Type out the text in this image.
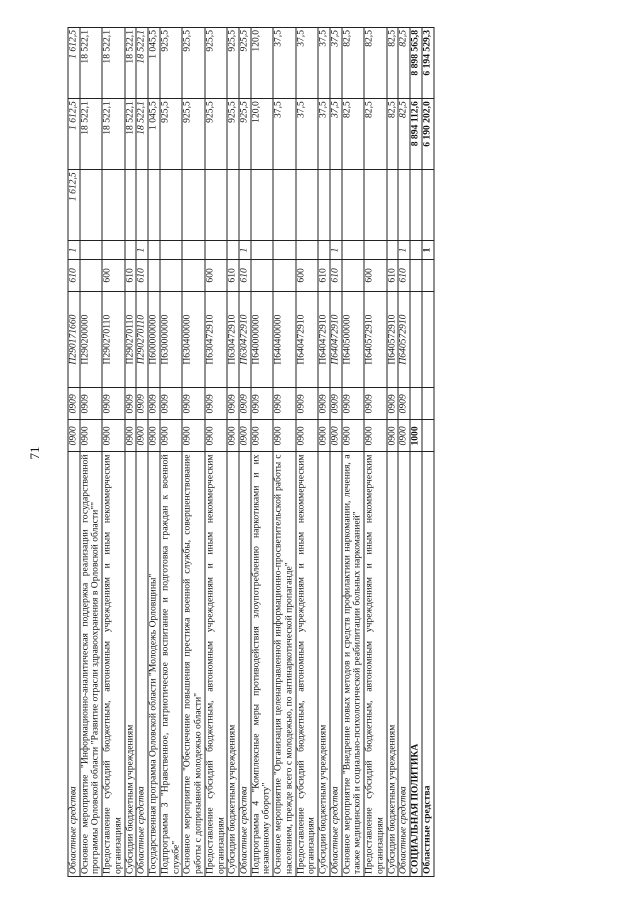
71
Областные средства	0900	0909	П290171660	610	1	1 612,5	1 612,5	1 612,5
Основное мероприятие "Информационно-аналитическая поддержка реализации государственной программы Орловской области "Развитие отрасли здравоохранения в Орловской области""	0900	0909	П290200000				18 522,1	18 522,1
Предоставление субсидий бюджетным, автономным учреждениям и иным некоммерческим организациям	0900	0909	П290270110	600			18 522,1	18 522,1
Субсидии бюджетным учреждениям	0900	0909	П290270110	610			18 522,1	18 522,1
Областные средства	0900	0909	П290270110	610	1		18 522,1	18 522,1
Государственная программа Орловской области "Молодежь Орловщины"	0900	0909	П600000000				1 045,5	1 045,5
Подпрограмма 3 "Нравственное, патриотическое воспитание и подготовка граждан к военной службе"	0900	0909	П630000000				925,5	925,5
Основное мероприятие "Обеспечение повышения престижа военной службы, совершенствование работы с допризывной молодежью области"	0900	0909	П630400000				925,5	925,5
Предоставление субсидий бюджетным, автономным учреждениям и иным некоммерческим организациям	0900	0909	П630472910	600			925,5	925,5
Субсидии бюджетным учреждениям	0900	0909	П630472910	610			925,5	925,5
Областные средства	0900	0909	П630472910	610	1		925,5	925,5
Подпрограмма 4 "Комплексные меры противодействия злоупотреблению наркотиками и их незаконному обороту"	0900	0909	П640000000				120,0	120,0
Основное мероприятие "Организация целенаправленной информационно-просветительской работы с населением, прежде всего с молодежью, по антинаркотической пропаганде"	0900	0909	П640400000				37,5	37,5
Предоставление субсидий бюджетным, автономным учреждениям и иным некоммерческим организациям	0900	0909	П640472910	600			37,5	37,5
Субсидии бюджетным учреждениям	0900	0909	П640472910	610			37,5	37,5
Областные средства	0900	0909	П640472910	610	1		37,5	37,5
Основное мероприятие "Внедрение новых методов и средств профилактики наркомании, лечения, а также медицинской и социально-психологической реабилитации больных наркоманией"	0900	0909	П640500000				82,5	82,5
Предоставление субсидий бюджетным, автономным учреждениям и иным некоммерческим организациям	0900	0909	П640572910	600			82,5	82,5
Субсидии бюджетным учреждениям	0900	0909	П640572910	610			82,5	82,5
Областные средства	0900	0909	П640572910	610	1		82,5	82,5
СОЦИАЛЬНАЯ ПОЛИТИКА	1000						8 894 112,6	8 898 565,8
Областные средства					1		6 190 202,0	6 194 529,3
